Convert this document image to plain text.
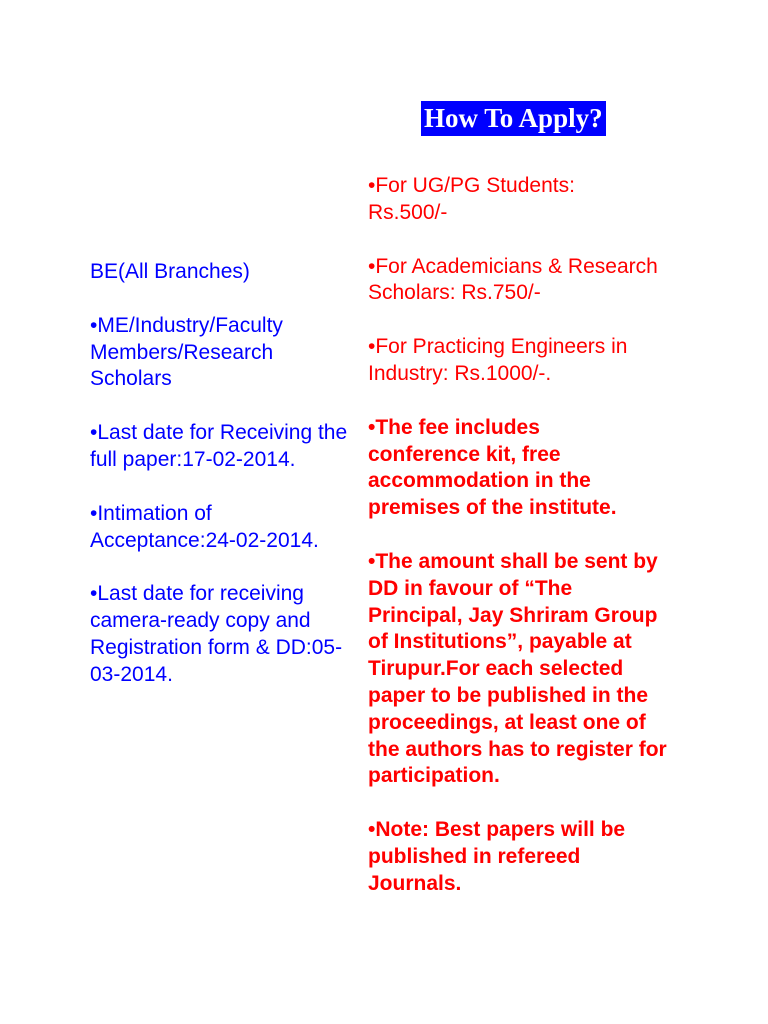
How To Apply?

BE(All Branches)

•ME/Industry/Faculty Members/Research Scholars

•Last date for Receiving the full paper:17-02-2014.

•Intimation of Acceptance:24-02-2014.

•Last date for receiving camera-ready copy and Registration form & DD:05-03-2014.

•For UG/PG Students: Rs.500/-

•For Academicians & Research Scholars: Rs.750/-

•For Practicing Engineers in Industry: Rs.1000/-.

•The fee includes conference kit, free accommodation in the premises of the institute.

•The amount shall be sent by DD in favour of “The Principal, Jay Shriram Group of Institutions”, payable at Tirupur.For each selected paper to be published in the proceedings, at least one of the authors has to register for participation.

•Note: Best papers will be published in refereed Journals.
